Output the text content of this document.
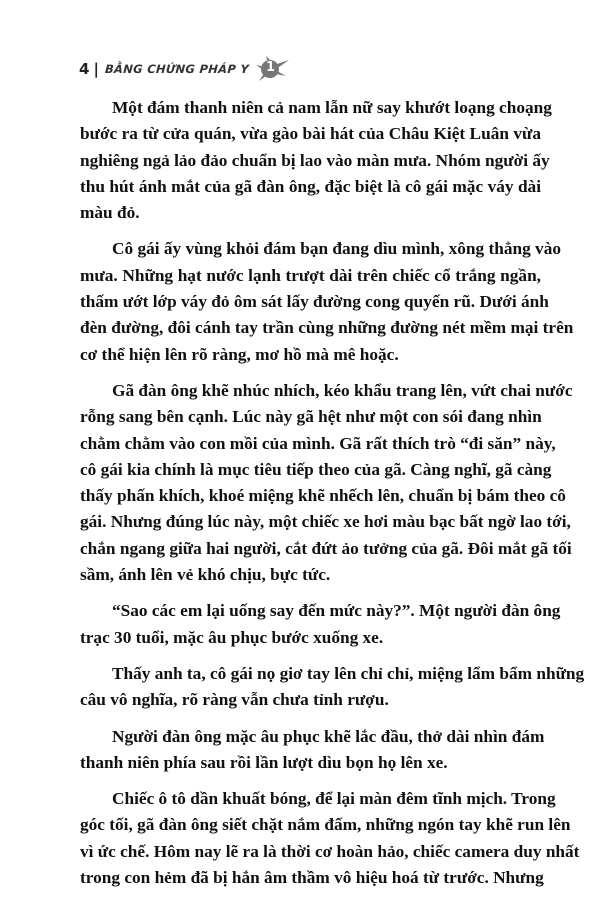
4 | BẰNG CHỨNG PHÁP Y 1
Một đám thanh niên cả nam lẫn nữ say khướt loạng choạng
bước ra từ cửa quán, vừa gào bài hát của Châu Kiệt Luân vừa
nghiêng ngả lảo đảo chuẩn bị lao vào màn mưa. Nhóm người ấy
thu hút ánh mắt của gã đàn ông, đặc biệt là cô gái mặc váy dài
màu đỏ.
Cô gái ấy vùng khỏi đám bạn đang dìu mình, xông thẳng vào
mưa. Những hạt nước lạnh trượt dài trên chiếc cổ trắng ngần,
thấm ướt lớp váy đỏ ôm sát lấy đường cong quyến rũ. Dưới ánh
đèn đường, đôi cánh tay trần cùng những đường nét mềm mại trên
cơ thể hiện lên rõ ràng, mơ hồ mà mê hoặc.
Gã đàn ông khẽ nhúc nhích, kéo khẩu trang lên, vứt chai nước
rỗng sang bên cạnh. Lúc này gã hệt như một con sói đang nhìn
chằm chằm vào con mồi của mình. Gã rất thích trò “đi săn” này,
cô gái kia chính là mục tiêu tiếp theo của gã. Càng nghĩ, gã càng
thấy phấn khích, khoé miệng khẽ nhếch lên, chuẩn bị bám theo cô
gái. Nhưng đúng lúc này, một chiếc xe hơi màu bạc bất ngờ lao tới,
chắn ngang giữa hai người, cắt đứt ảo tưởng của gã. Đôi mắt gã tối
sầm, ánh lên vẻ khó chịu, bực tức.
“Sao các em lại uống say đến mức này?”. Một người đàn ông
trạc 30 tuổi, mặc âu phục bước xuống xe.
Thấy anh ta, cô gái nọ giơ tay lên chỉ chỉ, miệng lẩm bẩm những
câu vô nghĩa, rõ ràng vẫn chưa tỉnh rượu.
Người đàn ông mặc âu phục khẽ lắc đầu, thở dài nhìn đám
thanh niên phía sau rồi lần lượt dìu bọn họ lên xe.
Chiếc ô tô dần khuất bóng, để lại màn đêm tĩnh mịch. Trong
góc tối, gã đàn ông siết chặt nắm đấm, những ngón tay khẽ run lên
vì ức chế. Hôm nay lẽ ra là thời cơ hoàn hảo, chiếc camera duy nhất
trong con hẻm đã bị hắn âm thầm vô hiệu hoá từ trước. Nhưng
